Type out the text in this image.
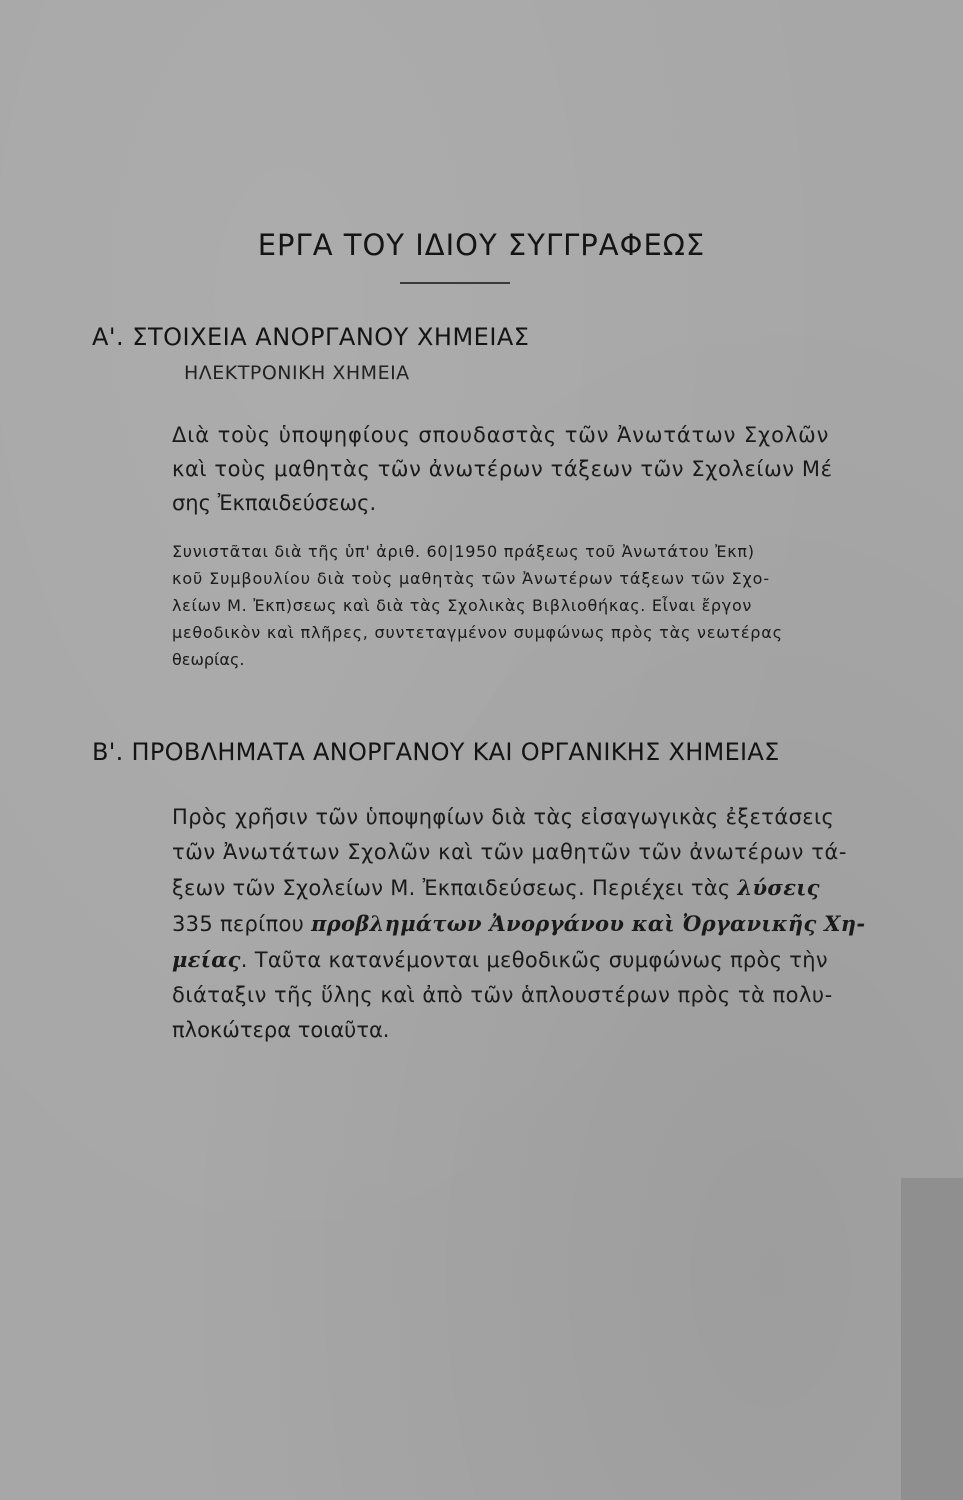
ΕΡΓΑ ΤΟΥ ΙΔΙΟΥ ΣΥΓΓΡΑΦΕΩΣ
Α'. ΣΤΟΙΧΕΙΑ ΑΝΟΡΓΑΝΟΥ ΧΗΜΕΙΑΣ
ΗΛΕΚΤΡΟΝΙΚΗ ΧΗΜΕΙΑ
Διὰ τοὺς ὑποψηφίους σπουδαστὰς τῶν Ἀνωτάτων Σχολῶν
καὶ τοὺς μαθητὰς τῶν ἀνωτέρων τάξεων τῶν Σχολείων Μέ
σης Ἐκπαιδεύσεως.
Συνιστᾶται διὰ τῆς ὑπ' ἀριθ. 60|1950 πράξεως τοῦ Ἀνωτάτου Ἐκπ)
κοῦ Συμβουλίου διὰ τοὺς μαθητὰς τῶν Ἀνωτέρων τάξεων τῶν Σχο-
λείων Μ. Ἐκπ)σεως καὶ διὰ τὰς Σχολικὰς Βιβλιοθήκας. Εἶναι ἔργον
μεθοδικὸν καὶ πλῆρες, συντεταγμένον συμφώνως πρὸς τὰς νεωτέρας
θεωρίας.
Β'. ΠΡΟΒΛΗΜΑΤΑ ΑΝΟΡΓΑΝΟΥ ΚΑΙ ΟΡΓΑΝΙΚΗΣ ΧΗΜΕΙΑΣ
Πρὸς χρῆσιν τῶν ὑποψηφίων διὰ τὰς εἰσαγωγικὰς ἐξετάσεις
τῶν Ἀνωτάτων Σχολῶν καὶ τῶν μαθητῶν τῶν ἀνωτέρων τά-
ξεων τῶν Σχολείων Μ. Ἐκπαιδεύσεως. Περιέχει τὰς λύσεις
335 περίπου προβλημάτων Ἀνοργάνου καὶ Ὀργανικῆς Χη-
μείας. Ταῦτα κατανέμονται μεθοδικῶς συμφώνως πρὸς τὴν
διάταξιν τῆς ὕλης καὶ ἀπὸ τῶν ἁπλουστέρων πρὸς τὰ πολυ-
πλοκώτερα τοιαῦτα.
